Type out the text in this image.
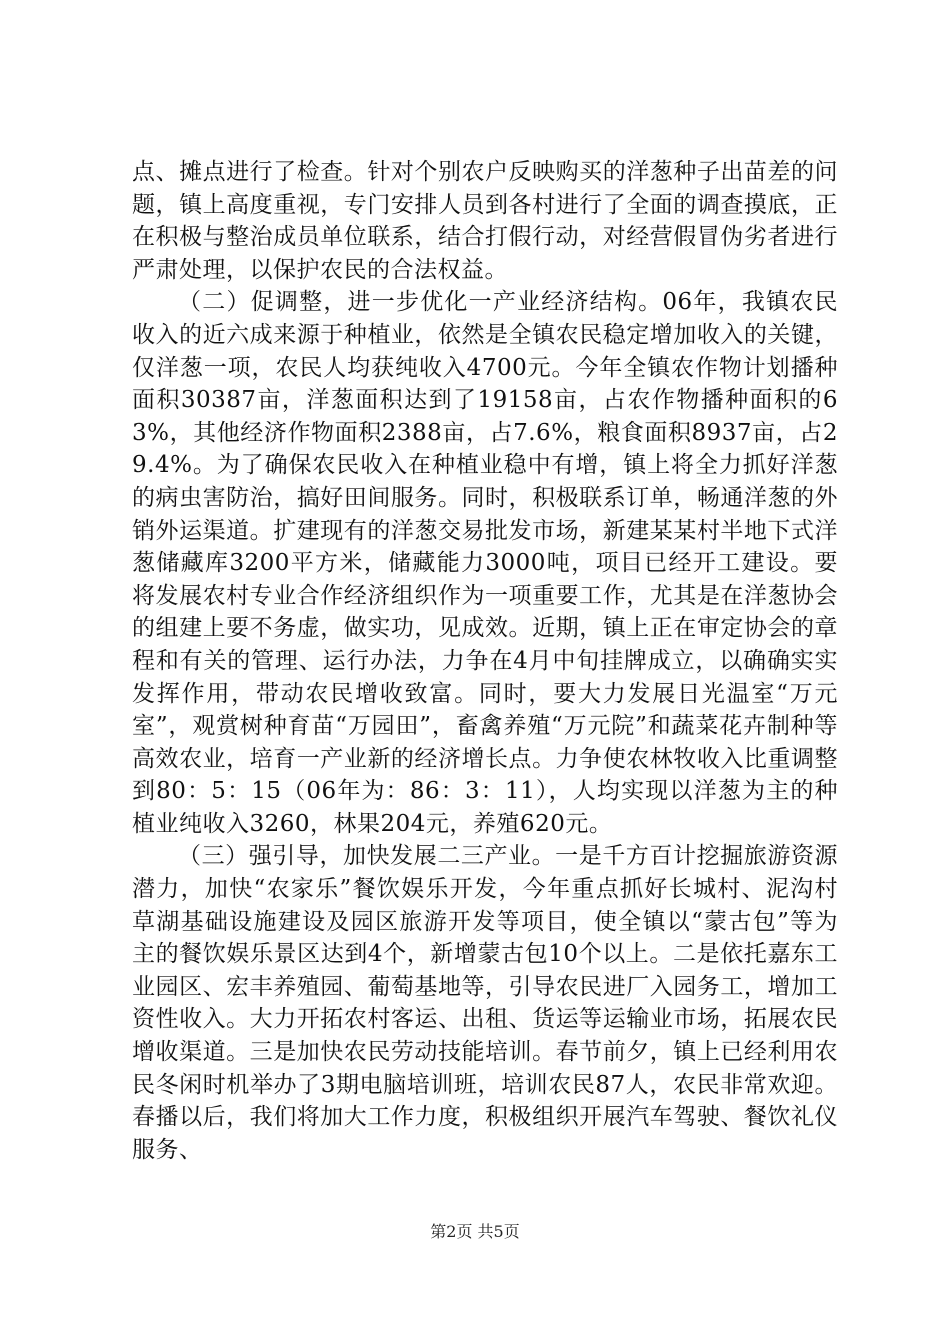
点、摊点进行了检查。针对个别农户反映购买的洋葱种子出苗差的问题，镇上高度重视，专门安排人员到各村进行了全面的调查摸底，正在积极与整治成员单位联系，结合打假行动，对经营假冒伪劣者进行严肃处理，以保护农民的合法权益。

（二）促调整，进一步优化一产业经济结构。06年，我镇农民收入的近六成来源于种植业，依然是全镇农民稳定增加收入的关键，仅洋葱一项，农民人均获纯收入4700元。今年全镇农作物计划播种面积30387亩，洋葱面积达到了19158亩，占农作物播种面积的63%，其他经济作物面积2388亩，占7.6%，粮食面积8937亩，占29.4%。为了确保农民收入在种植业稳中有增，镇上将全力抓好洋葱的病虫害防治，搞好田间服务。同时，积极联系订单，畅通洋葱的外销外运渠道。扩建现有的洋葱交易批发市场，新建某某村半地下式洋葱储藏库3200平方米，储藏能力3000吨，项目已经开工建设。要将发展农村专业合作经济组织作为一项重要工作，尤其是在洋葱协会的组建上要不务虚，做实功，见成效。近期，镇上正在审定协会的章程和有关的管理、运行办法，力争在4月中旬挂牌成立，以确确实实发挥作用，带动农民增收致富。同时，要大力发展日光温室“万元室”，观赏树种育苗“万园田”，畜禽养殖“万元院”和蔬菜花卉制种等高效农业，培育一产业新的经济增长点。力争使农林牧收入比重调整到80：5：15（06年为：86：3：11），人均实现以洋葱为主的种植业纯收入3260，林果204元，养殖620元。

（三）强引导，加快发展二三产业。一是千方百计挖掘旅游资源潜力，加快“农家乐”餐饮娱乐开发，今年重点抓好长城村、泥沟村草湖基础设施建设及园区旅游开发等项目，使全镇以“蒙古包”等为主的餐饮娱乐景区达到4个，新增蒙古包10个以上。二是依托嘉东工业园区、宏丰养殖园、葡萄基地等，引导农民进厂入园务工，增加工资性收入。大力开拓农村客运、出租、货运等运输业市场，拓展农民增收渠道。三是加快农民劳动技能培训。春节前夕，镇上已经利用农民冬闲时机举办了3期电脑培训班，培训农民87人，农民非常欢迎。春播以后，我们将加大工作力度，积极组织开展汽车驾驶、餐饮礼仪服务、

第2页 共5页
